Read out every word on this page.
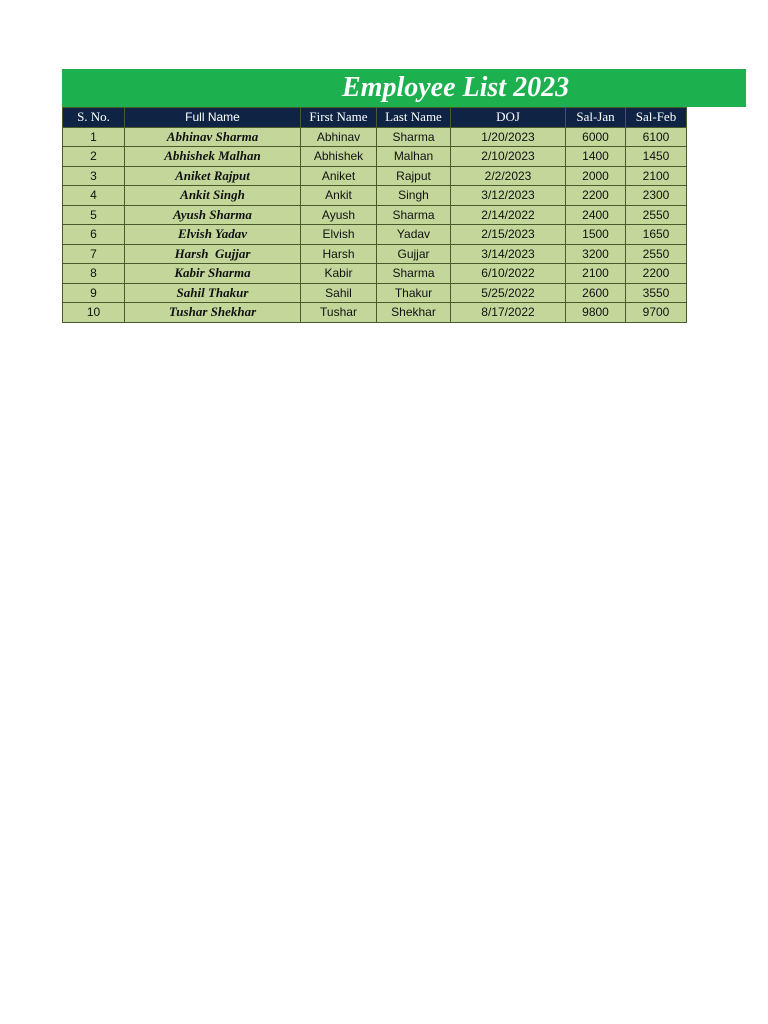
Employee List 2023
S. No.	Full Name	First Name	Last Name	DOJ	Sal-Jan	Sal-Feb
1	Abhinav Sharma	Abhinav	Sharma	1/20/2023	6000	6100
2	Abhishek Malhan	Abhishek	Malhan	2/10/2023	1400	1450
3	Aniket Rajput	Aniket	Rajput	2/2/2023	2000	2100
4	Ankit Singh	Ankit	Singh	3/12/2023	2200	2300
5	Ayush Sharma	Ayush	Sharma	2/14/2022	2400	2550
6	Elvish Yadav	Elvish	Yadav	2/15/2023	1500	1650
7	Harsh  Gujjar	Harsh	Gujjar	3/14/2023	3200	2550
8	Kabir Sharma	Kabir	Sharma	6/10/2022	2100	2200
9	Sahil Thakur	Sahil	Thakur	5/25/2022	2600	3550
10	Tushar Shekhar	Tushar	Shekhar	8/17/2022	9800	9700
